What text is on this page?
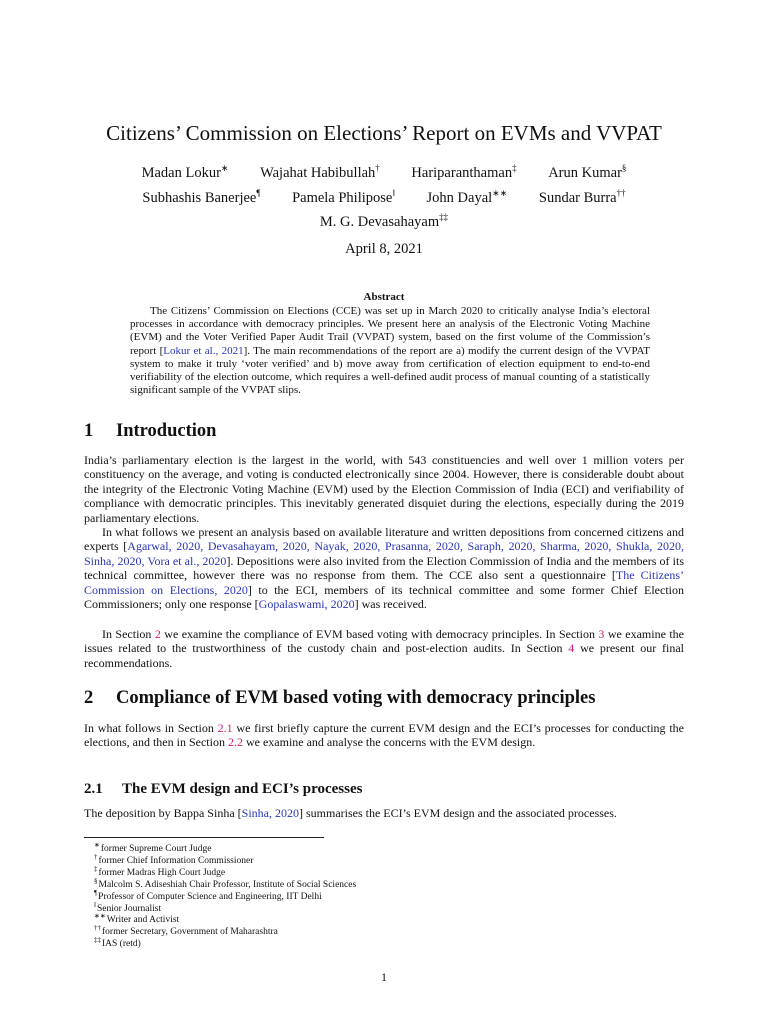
Citizens’ Commission on Elections’ Report on EVMs and VVPAT
Madan Lokur∗ Wajahat Habibullah† Hariparanthaman‡ Arun Kumar§
Subhashis Banerjee¶ Pamela Philipose‖ John Dayal∗∗ Sundar Burra††
M. G. Devasahayam‡‡
April 8, 2021
Abstract
The Citizens’ Commission on Elections (CCE) was set up in March 2020 to critically analyse India’s electoral processes in accordance with democracy principles. We present here an analysis of the Electronic Voting Machine (EVM) and the Voter Verified Paper Audit Trail (VVPAT) system, based on the first volume of the Commission’s report [Lokur et al., 2021]. The main recommendations of the report are a) modify the current design of the VVPAT system to make it truly ‘voter verified’ and b) move away from certification of election equipment to end-to-end verifiability of the election outcome, which requires a well-defined audit process of manual counting of a statistically significant sample of the VVPAT slips.
1 Introduction
India’s parliamentary election is the largest in the world, with 543 constituencies and well over 1 million voters per constituency on the average, and voting is conducted electronically since 2004. However, there is considerable doubt about the integrity of the Electronic Voting Machine (EVM) used by the Election Commission of India (ECI) and verifiability of compliance with democratic principles. This inevitably generated disquiet during the elections, especially during the 2019 parliamentary elections.
In what follows we present an analysis based on available literature and written depositions from concerned citizens and experts [Agarwal, 2020, Devasahayam, 2020, Nayak, 2020, Prasanna, 2020, Saraph, 2020, Sharma, 2020, Shukla, 2020, Sinha, 2020, Vora et al., 2020]. Depositions were also invited from the Election Commission of India and the members of its technical committee, however there was no response from them. The CCE also sent a questionnaire [The Citizens’ Commission on Elections, 2020] to the ECI, members of its technical committee and some former Chief Election Commissioners; only one response [Gopalaswami, 2020] was received.
In Section 2 we examine the compliance of EVM based voting with democracy principles. In Section 3 we examine the issues related to the trustworthiness of the custody chain and post-election audits. In Section 4 we present our final recommendations.
2 Compliance of EVM based voting with democracy principles
In what follows in Section 2.1 we first briefly capture the current EVM design and the ECI’s processes for conducting the elections, and then in Section 2.2 we examine and analyse the concerns with the EVM design.
2.1 The EVM design and ECI’s processes
The deposition by Bappa Sinha [Sinha, 2020] summarises the ECI’s EVM design and the associated processes.
∗former Supreme Court Judge
†former Chief Information Commissioner
‡former Madras High Court Judge
§Malcolm S. Adiseshiah Chair Professor, Institute of Social Sciences
¶Professor of Computer Science and Engineering, IIT Delhi
‖Senior Journalist
∗∗Writer and Activist
††former Secretary, Government of Maharashtra
‡‡IAS (retd)
1
